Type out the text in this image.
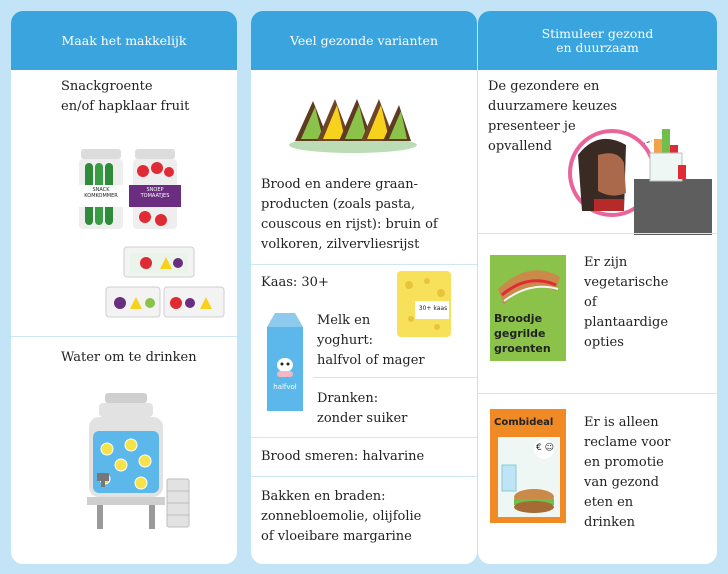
Maak het makkelijk
Snackgroente
en/of hapklaar fruit
SNACK
KOMKOMMER
SNOEP
TOMAATJES
Water om te drinken
Veel gezonde varianten
Brood en andere graan-
producten (zoals pasta,
couscous en rijst): bruin of
volkoren, zilvervliesrijst
Kaas: 30+
30+ kaas
Melk en
yoghurt:
halfvol of mager
halfvol
Dranken:
zonder suiker
Brood smeren: halvarine
Bakken en braden:
zonnebloemolie, olijfolie
of vloeibare margarine
Stimuleer gezond
en duurzaam
De gezondere en
duurzamere keuzes
presenteer je
opvallend
Broodje
gegrilde
groenten
Er zijn
vegetarische
of
plantaardige
opties
Combideal
€ ☺
Er is alleen
reclame voor
en promotie
van gezond
eten en
drinken
